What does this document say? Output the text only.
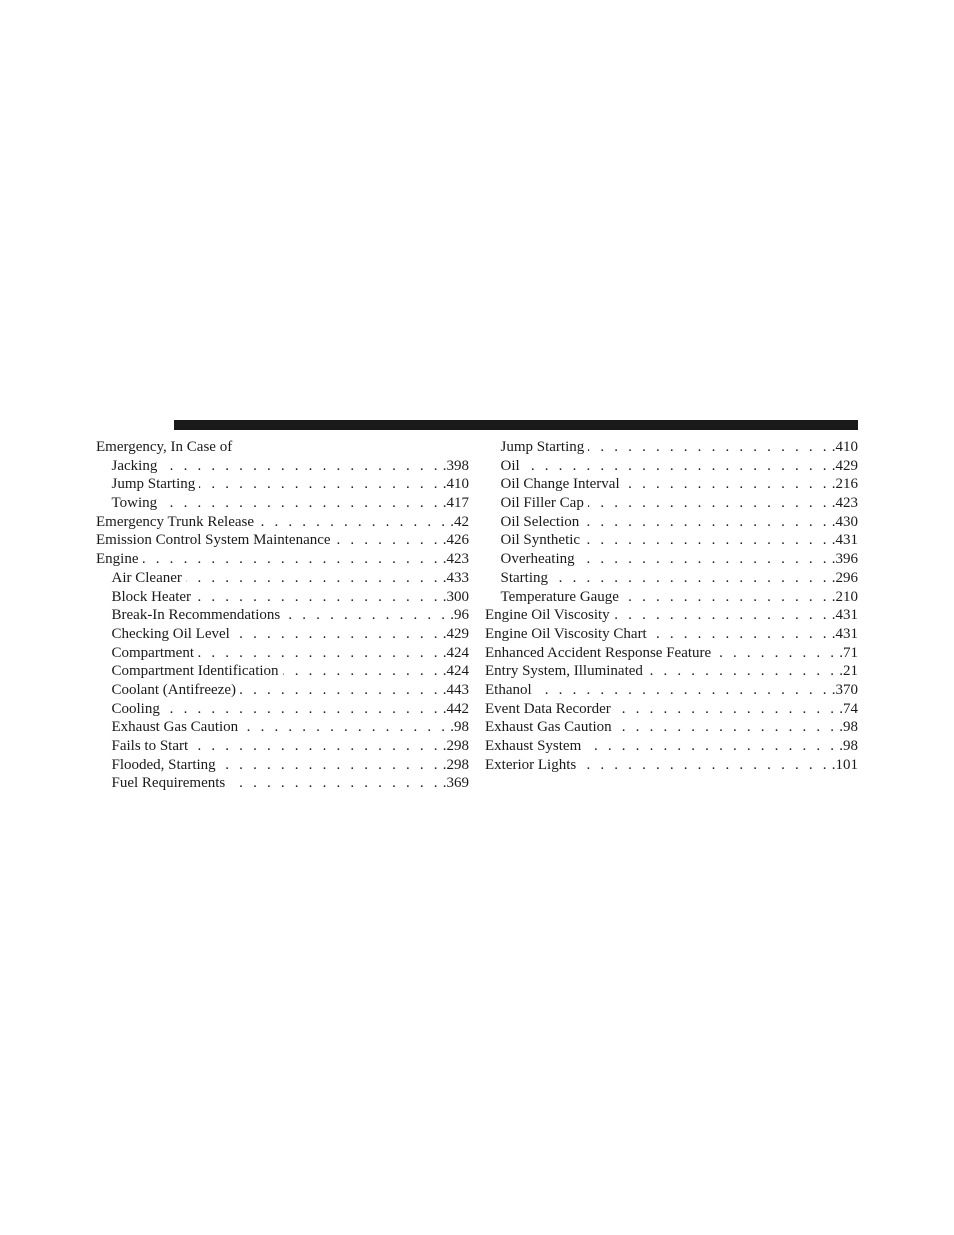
Emergency, In Case of
Jacking . . .	.398
Jump Starting . . .	.410
Towing . . .	.417
Emergency Trunk Release . . .	.42
Emission Control System Maintenance . . .	.426
Engine . . .	.423
Air Cleaner . . .	.433
Block Heater . . .	.300
Break-In Recommendations . . .	.96
Checking Oil Level . . .	.429
Compartment . . .	.424
Compartment Identification . . .	.424
Coolant (Antifreeze) . . .	.443
Cooling . . .	.442
Exhaust Gas Caution . . .	.98
Fails to Start . . .	.298
Flooded, Starting . . .	.298
Fuel Requirements . . .	.369
Jump Starting . . .	.410
Oil . . .	.429
Oil Change Interval . . .	.216
Oil Filler Cap . . .	.423
Oil Selection . . .	.430
Oil Synthetic . . .	.431
Overheating . . .	.396
Starting . . .	.296
Temperature Gauge . . .	.210
Engine Oil Viscosity . . .	.431
Engine Oil Viscosity Chart . . .	.431
Enhanced Accident Response Feature . . .	.71
Entry System, Illuminated . . .	.21
Ethanol . . .	.370
Event Data Recorder . . .	.74
Exhaust Gas Caution . . .	.98
Exhaust System . . .	.98
Exterior Lights . . .	.101
